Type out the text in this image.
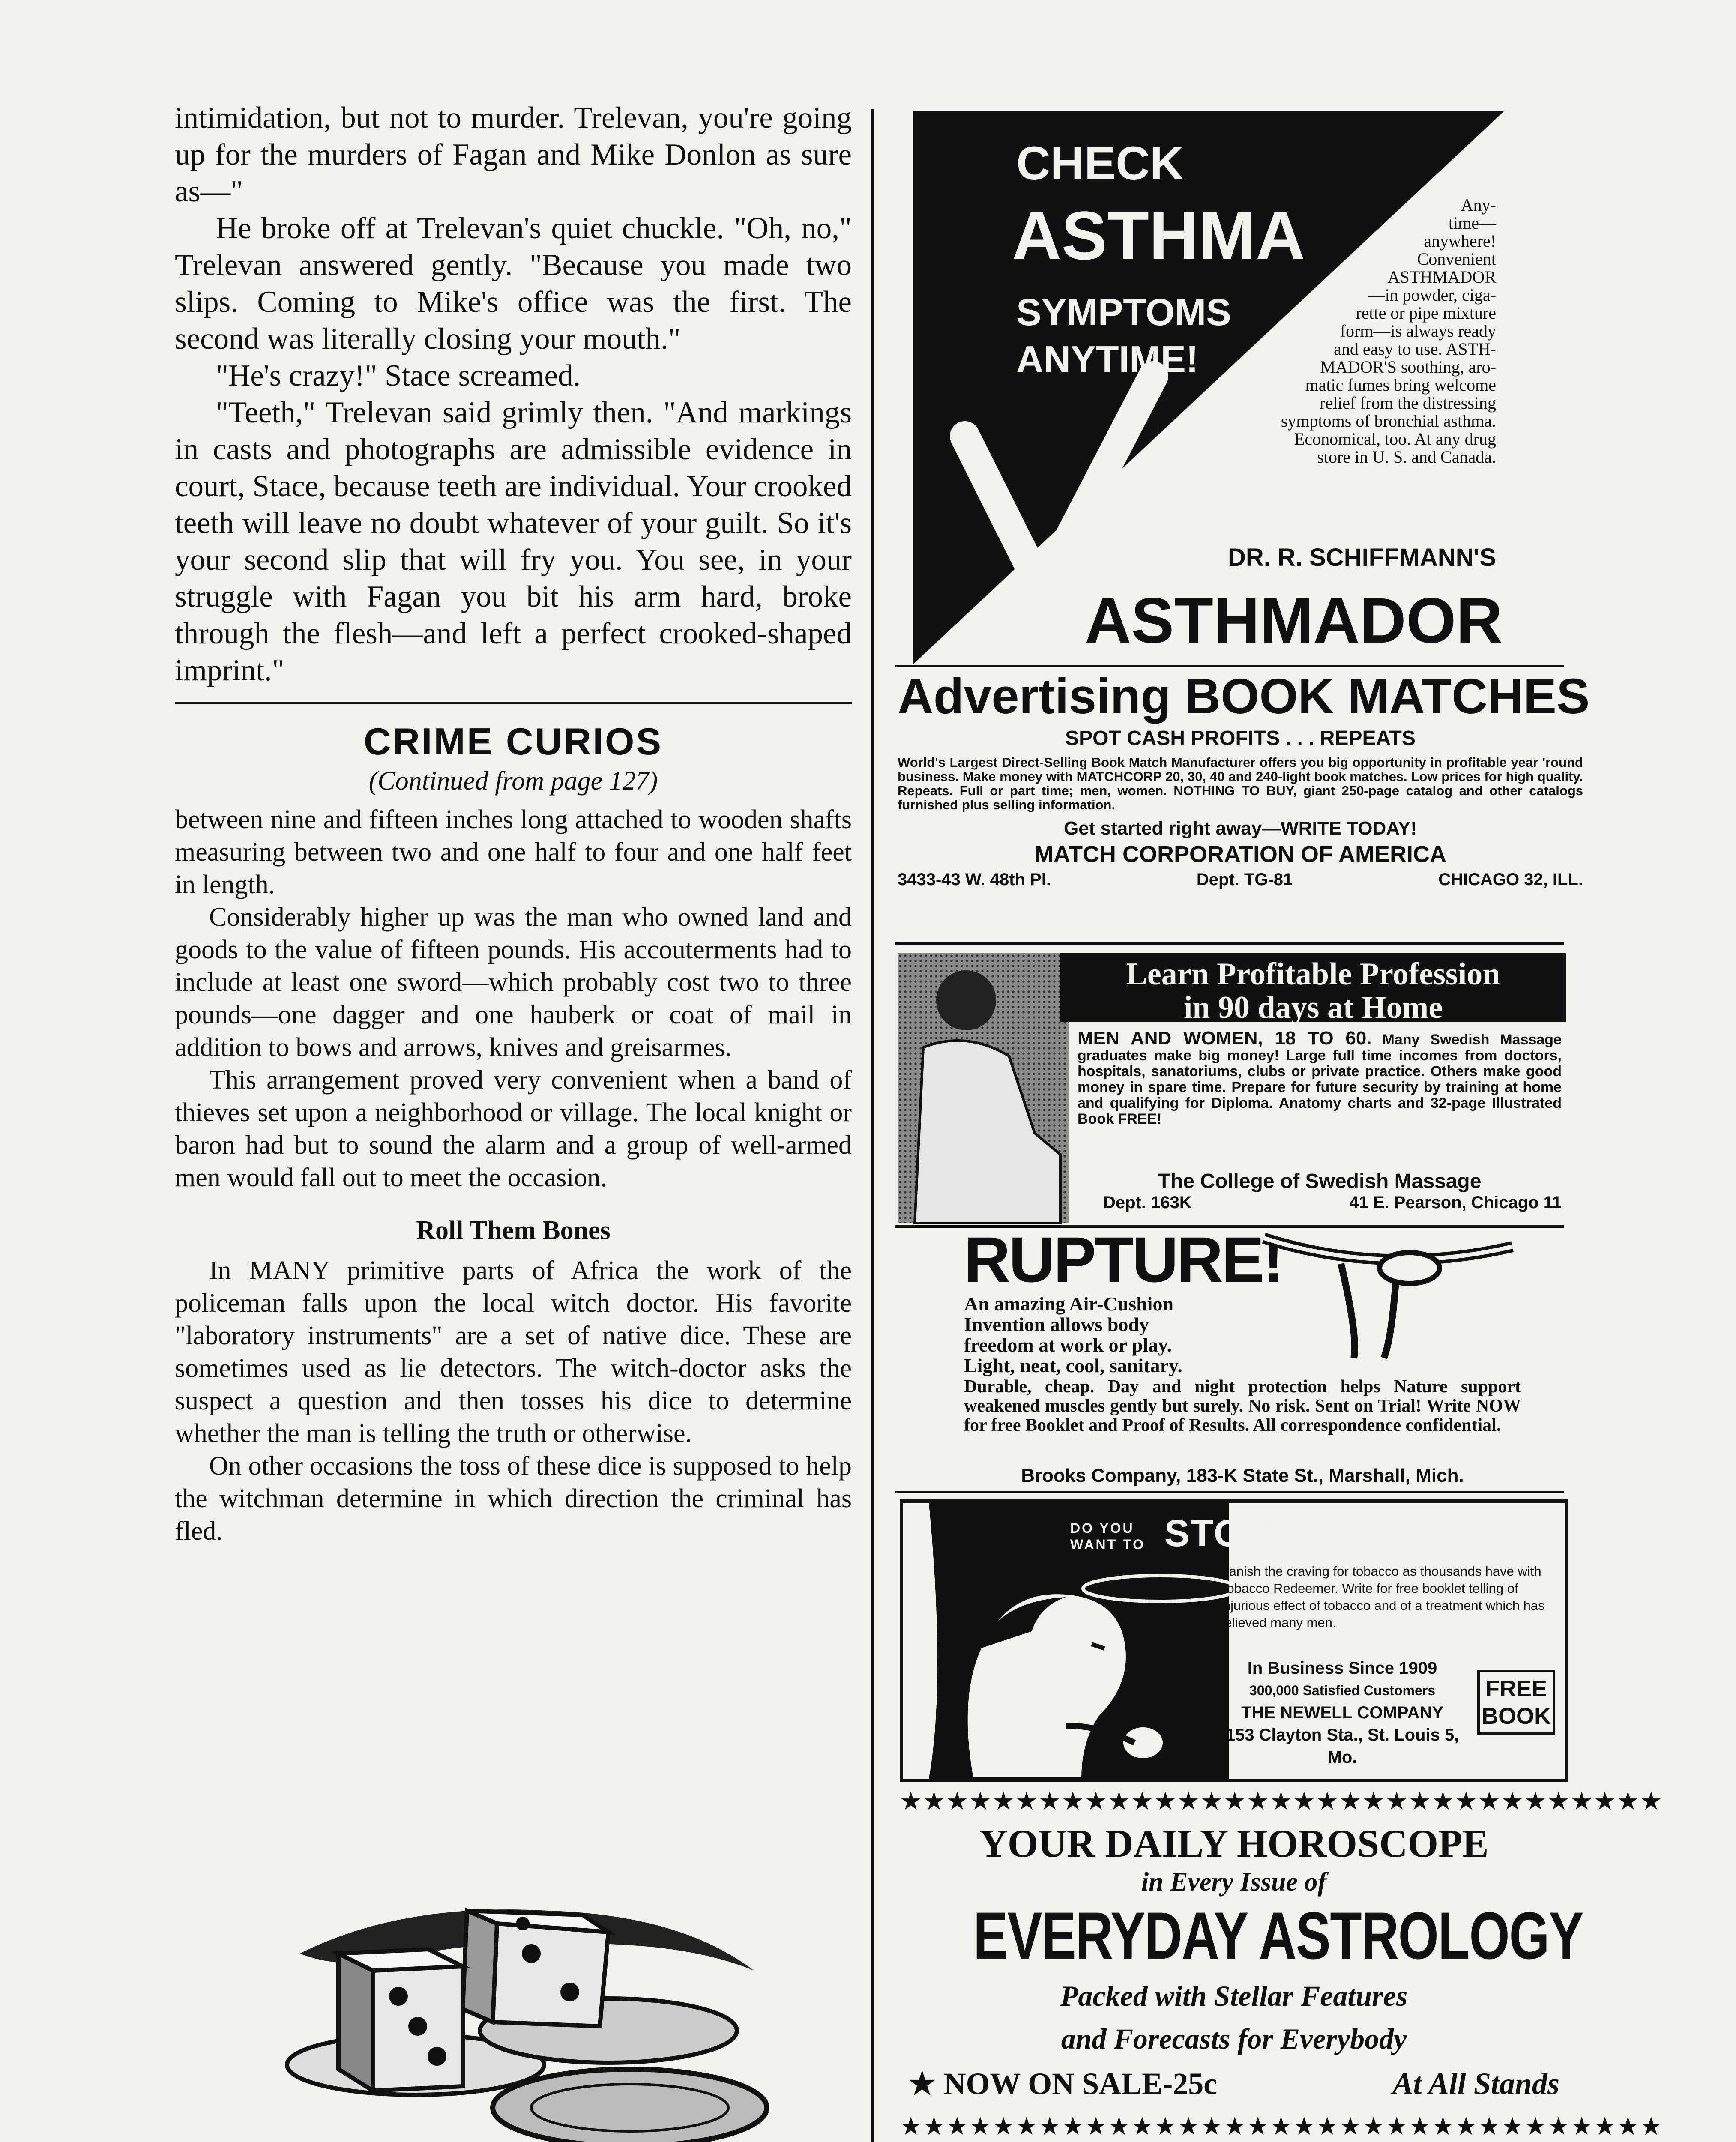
intimidation, but not to murder. Trelevan, you're going up for the murders of Fagan and Mike Donlon as sure as—"

He broke off at Trelevan's quiet chuckle. "Oh, no," Trelevan answered gently. "Because you made two slips. Coming to Mike's office was the first. The second was literally closing your mouth."

"He's crazy!" Stace screamed.

"Teeth," Trelevan said grimly then. "And markings in casts and photographs are admissible evidence in court, Stace, because teeth are individual. Your crooked teeth will leave no doubt whatever of your guilt. So it's your second slip that will fry you. You see, in your struggle with Fagan you bit his arm hard, broke through the flesh—and left a perfect crooked-shaped imprint."

CRIME CURIOS

(Continued from page 127)

between nine and fifteen inches long attached to wooden shafts measuring between two and one half to four and one half feet in length.

Considerably higher up was the man who owned land and goods to the value of fifteen pounds. His accouterments had to include at least one sword—which probably cost two to three pounds—one dagger and one hauberk or coat of mail in addition to bows and arrows, knives and greisarmes.

This arrangement proved very convenient when a band of thieves set upon a neighborhood or village. The local knight or baron had but to sound the alarm and a group of well-armed men would fall out to meet the occasion.

Roll Them Bones

In MANY primitive parts of Africa the work of the policeman falls upon the local witch doctor. His favorite "laboratory instruments" are a set of native dice. These are sometimes used as lie detectors. The witch-doctor asks the suspect a question and then tosses his dice to determine whether the man is telling the truth or otherwise.

On other occasions the toss of these dice is supposed to help the witchman determine in which direction the criminal has fled.

CHECK
ASTHMA
SYMPTOMS
ANYTIME!
Any-
time—
anywhere!
Convenient
ASTHMADOR
—in powder, ciga-
rette or pipe mixture
form—is always ready
and easy to use. ASTH-
MADOR'S soothing, aro-
matic fumes bring welcome
relief from the distressing
symptoms of bronchial asthma.
Economical, too. At any drug
store in U. S. and Canada.
DR. R. SCHIFFMANN'S
ASTHMADOR
Advertising BOOK MATCHES
SPOT CASH PROFITS . . . REPEATS
World's Largest Direct-Selling Book Match Manufacturer offers you big opportunity in profitable year 'round business. Make money with MATCHCORP 20, 30, 40 and 240-light book matches. Low prices for high quality. Repeats. Full or part time; men, women. NOTHING TO BUY, giant 250-page catalog and other catalogs furnished plus selling information.
Get started right away—WRITE TODAY!
MATCH CORPORATION OF AMERICA
3433-43 W. 48th Pl.	Dept. TG-81	CHICAGO 32, ILL.
Learn Profitable Profession
in 90 days at Home
MEN AND WOMEN, 18 TO 60. Many Swedish Massage graduates make big money! Large full time incomes from doctors, hospitals, sanatoriums, clubs or private practice. Others make good money in spare time. Prepare for future security by training at home and qualifying for Diploma. Anatomy charts and 32-page Illustrated Book FREE!
The College of Swedish Massage
Dept. 163K	41 E. Pearson, Chicago 11
RUPTURE!
An amazing Air-Cushion
Invention allows body
freedom at work or play.
Light, neat, cool, sanitary.
Durable, cheap. Day and night protection helps Nature support weakened muscles gently but surely. No risk. Sent on Trial! Write NOW for free Booklet and Proof of Results. All correspondence confidential.
Brooks Company, 183-K State St., Marshall, Mich.
DO YOU
WANT TO STOP TOBACCO?
Banish the craving for tobacco as thousands have with Tobacco Redeemer. Write for free booklet telling of injurious effect of tobacco and of a treatment which has relieved many men.
In Business Since 1909
300,000 Satisfied Customers
THE NEWELL COMPANY
153 Clayton Sta., St. Louis 5, Mo.
FREE
BOOK
★★★★★★★★★★★★★★★★★★★★★★★★★★★★★★★★★
YOUR DAILY HOROSCOPE
in Every Issue of
EVERYDAY ASTROLOGY
Packed with Stellar Features
and Forecasts for Everybody
★ NOW ON SALE-25c	At All Stands
★★★★★★★★★★★★★★★★★★★★★★★★★★★★★★★★★
